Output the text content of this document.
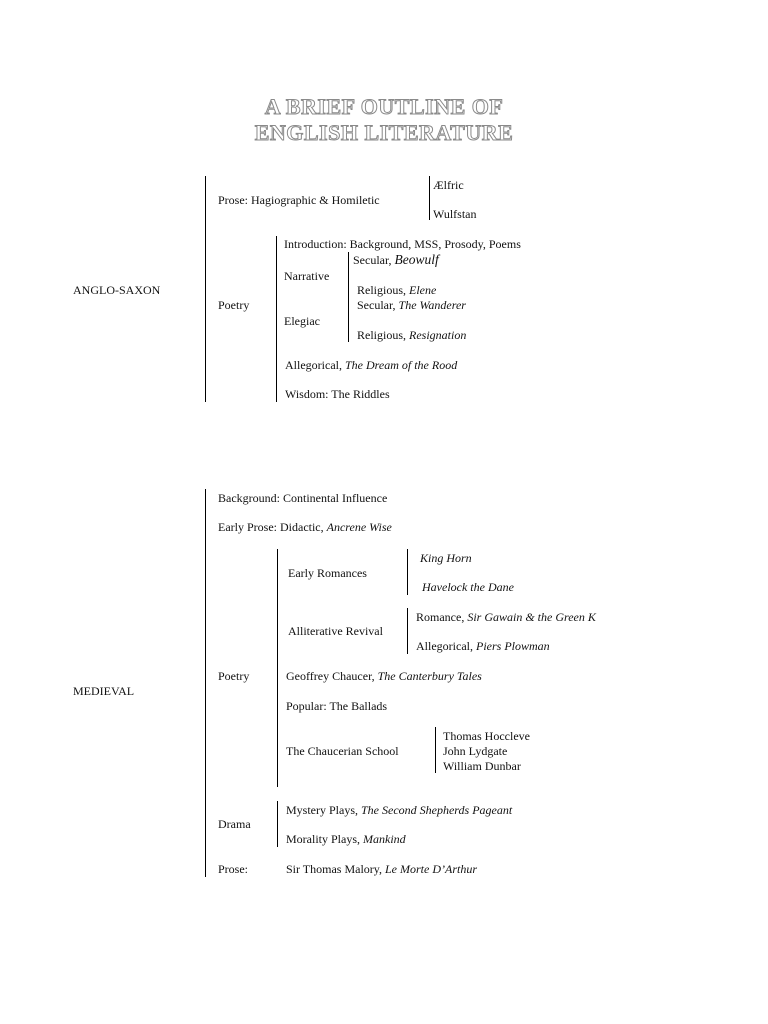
A BRIEF OUTLINE OF
ENGLISH LITERATURE
ANGLO-SAXON
Prose: Hagiographic & Homiletic
Ælfric
Wulfstan
Poetry
Introduction: Background, MSS, Prosody, Poems
Narrative
Secular, Beowulf
Religious, Elene
Elegiac
Secular, The Wanderer
Religious, Resignation
Allegorical, The Dream of the Rood
Wisdom: The Riddles
MEDIEVAL
Background: Continental Influence
Early Prose: Didactic, Ancrene Wise
Poetry
Early Romances
King Horn
Havelock the Dane
Alliterative Revival
Romance, Sir Gawain & the Green K
Allegorical, Piers Plowman
Geoffrey Chaucer, The Canterbury Tales
Popular: The Ballads
The Chaucerian School
Thomas Hoccleve
John Lydgate
William Dunbar
Drama
Mystery Plays, The Second Shepherds Pageant
Morality Plays, Mankind
Prose:	Sir Thomas Malory, Le Morte D’Arthur
